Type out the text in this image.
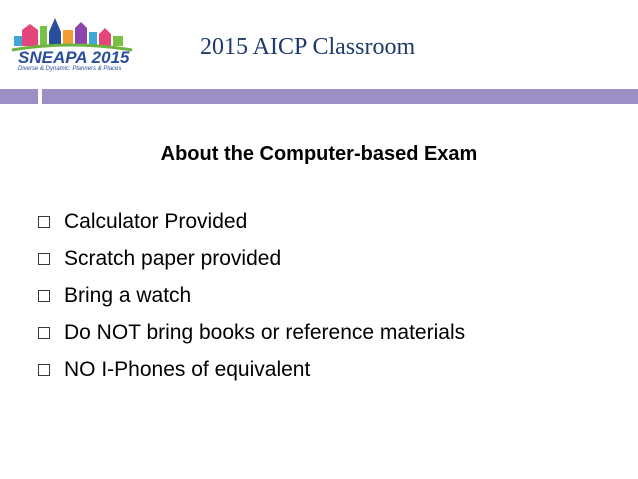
SNEAPA 2015
Diverse & Dynamic: Planners & Places
2015 AICP Classroom
About the Computer-based Exam
Calculator Provided
Scratch paper provided
Bring a watch
Do NOT bring books or reference materials
NO I-Phones of equivalent
